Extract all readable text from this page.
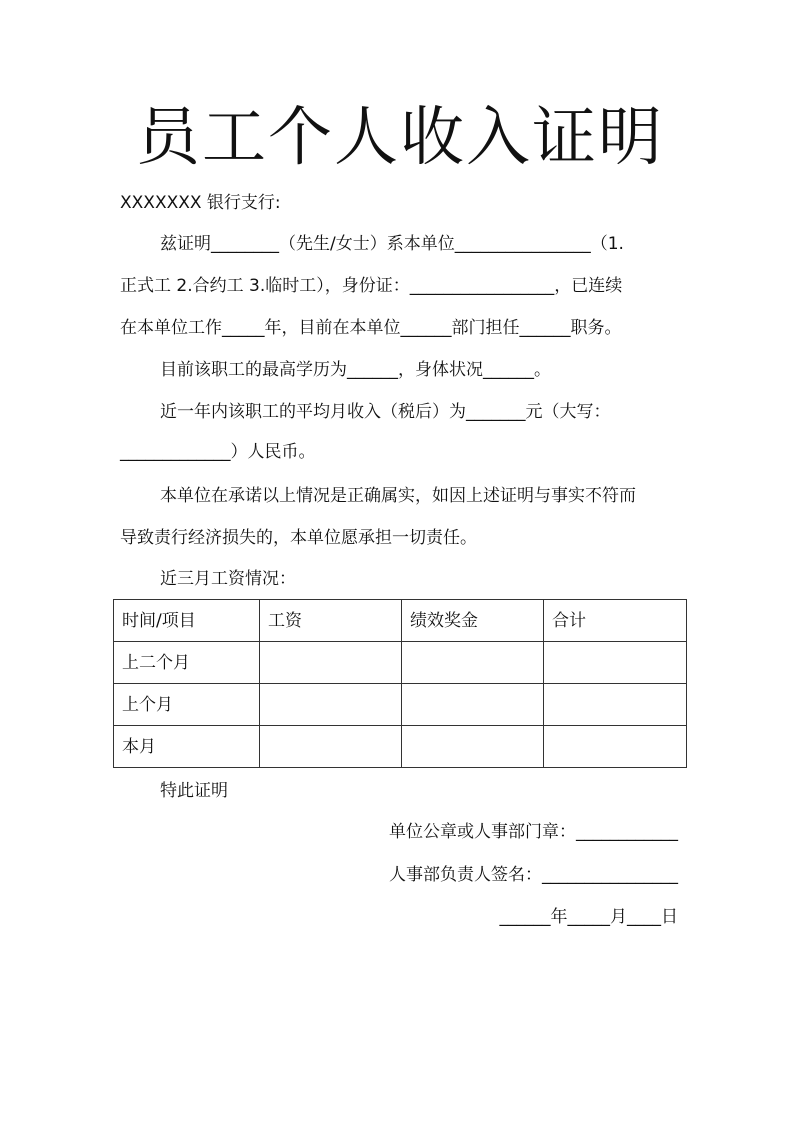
员工个人收入证明
XXXXXXX 银行支行:
兹证明________（先生/女士）系本单位________________（1.
正式工 2.合约工 3.临时工），身份证：_________________，已连续
在本单位工作_____年，目前在本单位______部门担任______职务。
目前该职工的最高学历为______，身体状况______。
近一年内该职工的平均月收入（税后）为_______元（大写：
_____________）人民币。
本单位在承诺以上情况是正确属实，如因上述证明与事实不符而
导致责行经济损失的，本单位愿承担一切责任。
近三月工资情况：
时间/项目	工资	绩效奖金	合计
上二个月			
上个月			
本月			
特此证明
单位公章或人事部门章：____________
人事部负责人签名：________________
______年_____月____日
